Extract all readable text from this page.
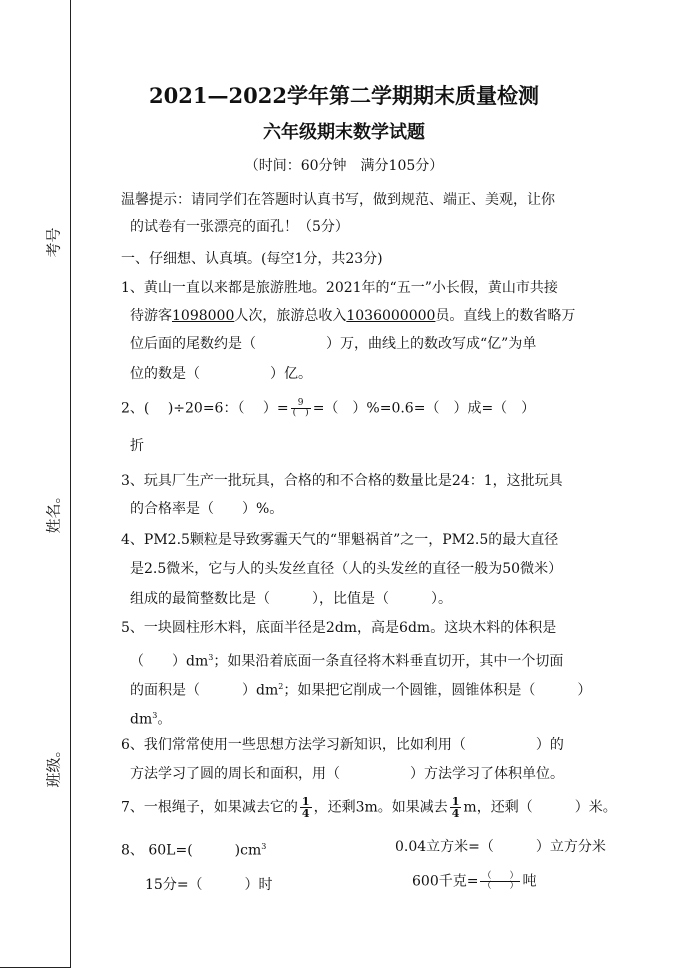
考号
姓名。
班级。
2021—2022学年第二学期期末质量检测
六年级期末数学试题
（时间：60分钟　满分105分）
温馨提示：请同学们在答题时认真书写，做到规范、端正、美观，让你
的试卷有一张漂亮的面孔！（5分）
一、仔细想、认真填。(每空1分，共23分)
1、黄山一直以来都是旅游胜地。2021年的“五一”小长假，黄山市共接
待游客1098000人次，旅游总收入1036000000员。直线上的数省略万
位后面的尾数约是（　　　　　）万，曲线上的数改写成“亿”为单
位的数是（　　　　　）亿。
2、(　 )÷20=6：（　 ）= $\frac{9}{( )}$ =（　）%=0.6=（　）成=（　）
折
3、玩具厂生产一批玩具，合格的和不合格的数量比是24：1，这批玩具
的合格率是（　　）%。
4、PM2.5颗粒是导致雾霾天气的“罪魁祸首”之一，PM2.5的最大直径
是2.5微米，它与人的头发丝直径（人的头发丝的直径一般为50微米）
组成的最简整数比是（　　　），比值是（　　　）。
5、一块圆柱形木料，底面半径是2dm，高是6dm。这块木料的体积是
（　　）$dm^3$；如果沿着底面一条直径将木料垂直切开，其中一个切面
的面积是（　　　）$dm^2$；如果把它削成一个圆锥，圆锥体积是（　　　）
$dm^3$。
6、我们常常使用一些思想方法学习新知识，比如利用（　　　　　）的
方法学习了圆的周长和面积，用（　　　　　）方法学习了体积单位。
7、一根绳子，如果减去它的 $\frac{1}{4}$ ，还剩3m。如果减去 $\frac{1}{4}$ m，还剩（　　　）米。
8、 60L=(　　　)$cm^3$	0.04立方米=（　　　）立方分米
15分=（　　　）时	600千克= $\frac{( )}{( )}$ 吨
